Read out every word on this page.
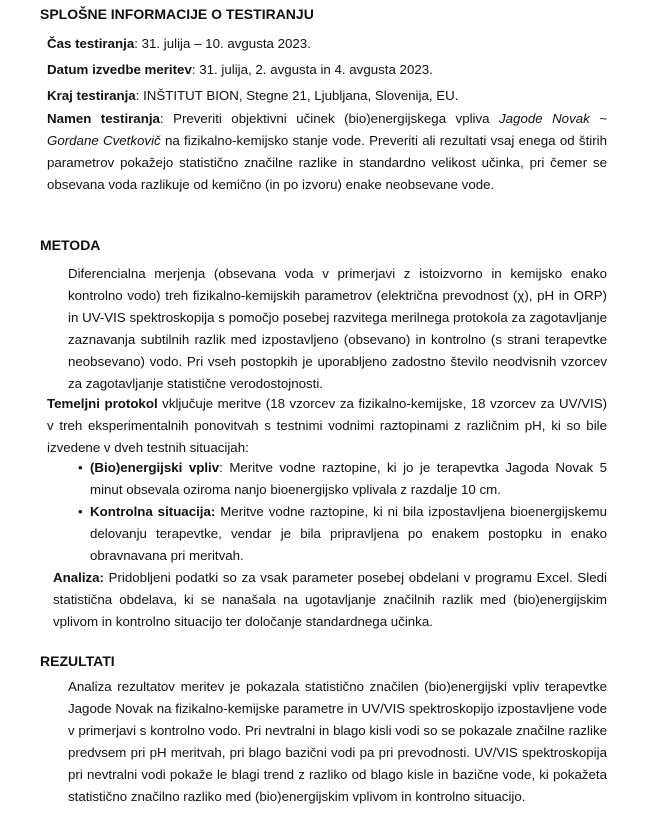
SPLOŠNE INFORMACIJE O TESTIRANJU
Čas testiranja: 31. julija – 10. avgusta 2023.
Datum izvedbe meritev: 31. julija, 2. avgusta in 4. avgusta 2023.
Kraj testiranja: INŠTITUT BION, Stegne 21, Ljubljana, Slovenija, EU.
Namen testiranja: Preveriti objektivni učinek (bio)energijskega vpliva Jagode Novak ~ Gordane Cvetkovič na fizikalno-kemijsko stanje vode. Preveriti ali rezultati vsaj enega od štirih parametrov pokažejo statistično značilne razlike in standardno velikost učinka, pri čemer se obsevana voda razlikuje od kemično (in po izvoru) enake neobsevane vode.
METODA

Diferencialna merjenja (obsevana voda v primerjavi z istoizvorno in kemijsko enako kontrolno vodo) treh fizikalno-kemijskih parametrov (električna prevodnost (χ), pH in ORP) in UV-VIS spektroskopija s pomočjo posebej razvitega merilnega protokola za zagotavljanje zaznavanja subtilnih razlik med izpostavljeno (obsevano) in kontrolno (s strani terapevtke neobsevano) vodo. Pri vseh postopkih je uporabljeno zadostno število neodvisnih vzorcev za zagotavljanje statistične verodostojnosti.

Temeljni protokol vključuje meritve (18 vzorcev za fizikalno-kemijske, 18 vzorcev za UV/VIS) v treh eksperimentalnih ponovitvah s testnimi vodnimi raztopinami z različnim pH, ki so bile izvedene v dveh testnih situacijah:

• (Bio)energijski vpliv: Meritve vodne raztopine, ki jo je terapevtka Jagoda Novak 5 minut obsevala oziroma nanjo bioenergijsko vplivala z razdalje 10 cm.
• Kontrolna situacija: Meritve vodne raztopine, ki ni bila izpostavljena bioenergijskemu delovanju terapevtke, vendar je bila pripravljena po enakem postopku in enako obravnavana pri meritvah.

Analiza: Pridobljeni podatki so za vsak parameter posebej obdelani v programu Excel. Sledi statistična obdelava, ki se nanašala na ugotavljanje značilnih razlik med (bio)energijskim vplivom in kontrolno situacijo ter določanje standardnega učinka.

REZULTATI

Analiza rezultatov meritev je pokazala statistično značilen (bio)energijski vpliv terapevtke Jagode Novak na fizikalno-kemijske parametre in UV/VIS spektroskopijo izpostavljene vode v primerjavi s kontrolno vodo. Pri nevtralni in blago kisli vodi so se pokazale značilne razlike predvsem pri pH meritvah, pri blago bazični vodi pa pri prevodnosti. UV/VIS spektroskopija pri nevtralni vodi pokaže le blagi trend z razliko od blago kisle in bazične vode, ki pokažeta statistično značilno razliko med (bio)energijskim vplivom in kontrolno situacijo.
